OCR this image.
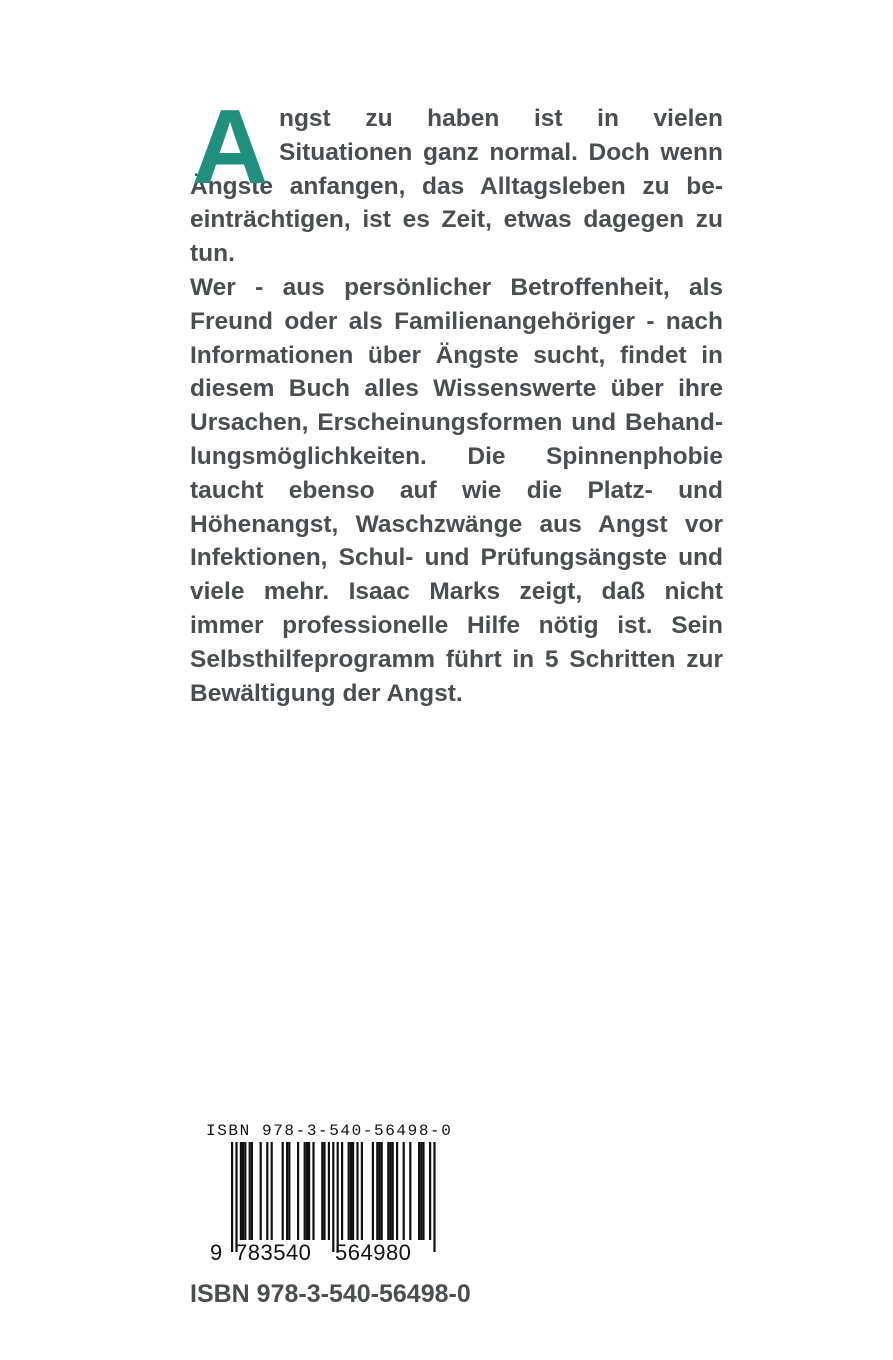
A ngst zu haben ist in vielen
Situationen ganz normal. Doch wenn
Ängste anfangen, das Alltagsleben zu be-
einträchtigen, ist es Zeit, etwas dagegen zu
tun.
Wer - aus persönlicher Betroffenheit, als
Freund oder als Familienangehöriger - nach
Informationen über Ängste sucht, findet in
diesem Buch alles Wissenswerte über ihre
Ursachen, Erscheinungsformen und Behand-
lungsmöglichkeiten. Die Spinnenphobie
taucht ebenso auf wie die Platz- und
Höhenangst, Waschzwänge aus Angst vor
Infektionen, Schul- und Prüfungsängste und
viele mehr. Isaac Marks zeigt, daß nicht
immer professionelle Hilfe nötig ist. Sein
Selbsthilfeprogramm führt in 5 Schritten zur
Bewältigung der Angst.
ISBN 978-3-540-56498-0
9 783540 564980
ISBN 978-3-540-56498-0
